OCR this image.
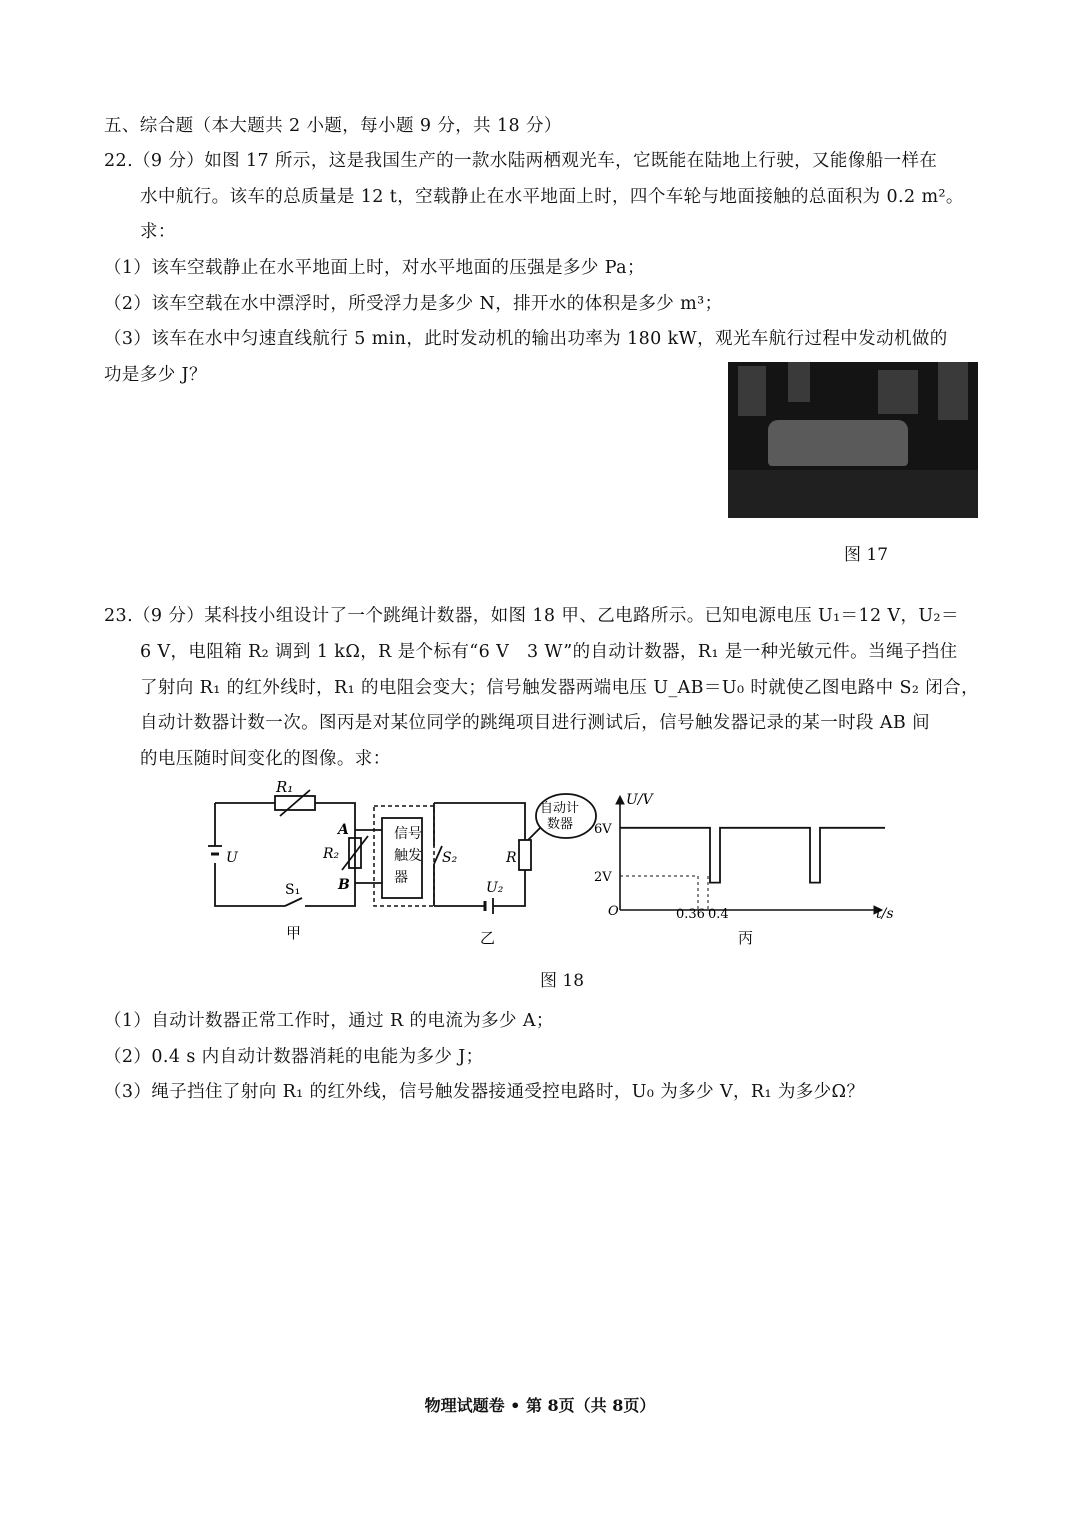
五、综合题（本大题共 2 小题，每小题 9 分，共 18 分）
22.（9 分）如图 17 所示，这是我国生产的一款水陆两栖观光车，它既能在陆地上行驶，又能像船一样在
水中航行。该车的总质量是 12 t，空载静止在水平地面上时，四个车轮与地面接触的总面积为 0.2 m²。
求：
（1）该车空载静止在水平地面上时，对水平地面的压强是多少 Pa；
（2）该车空载在水中漂浮时，所受浮力是多少 N，排开水的体积是多少 m³；
（3）该车在水中匀速直线航行 5 min，此时发动机的输出功率为 180 kW，观光车航行过程中发动机做的
功是多少 J？
图 17
23.（9 分）某科技小组设计了一个跳绳计数器，如图 18 甲、乙电路所示。已知电源电压 U₁＝12 V，U₂＝
6 V，电阻箱 R₂ 调到 1 kΩ，R 是个标有“6 V　3 W”的自动计数器，R₁ 是一种光敏元件。当绳子挡住
了射向 R₁ 的红外线时，R₁ 的电阻会变大；信号触发器两端电压 U_AB＝U₀ 时就使乙图电路中 S₂ 闭合，
自动计数器计数一次。图丙是对某位同学的跳绳项目进行测试后，信号触发器记录的某一时段 AB 间
的电压随时间变化的图像。求：
R₁
U
A
R₂
B
S₁
信 号
触 发
器
甲
S₂	R
U₂
自动计
数器
乙
U/V
6V
2V
O	0.36 0.4	t/s
丙
图 18
（1）自动计数器正常工作时，通过 R 的电流为多少 A；
（2）0.4 s 内自动计数器消耗的电能为多少 J；
（3）绳子挡住了射向 R₁ 的红外线，信号触发器接通受控电路时，U₀ 为多少 V，R₁ 为多少Ω？
物理试题卷 • 第 8页（共 8页）
